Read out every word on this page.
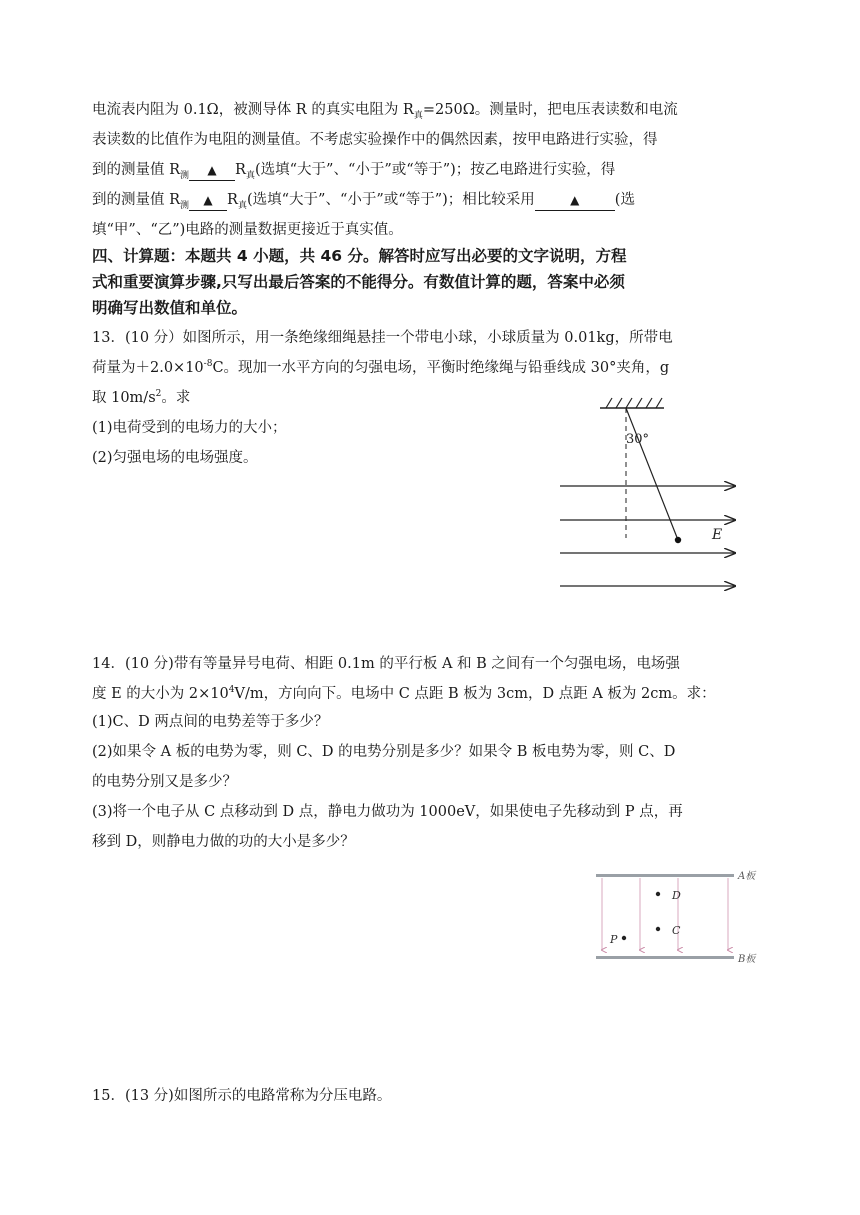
电流表内阻为 0.1Ω，被测导体 R 的真实电阻为 $R_真=250\Omega$。测量时，把电压表读数和电流
表读数的比值作为电阻的测量值。不考虑实验操作中的偶然因素，按甲电路进行实验，得
到的测量值 $R_测$ ▲ $R_真$(选填“大于”、“小于”或“等于”)；按乙电路进行实验，得
到的测量值 $R_测$ ▲ $R_真$(选填“大于”、“小于”或“等于”)；相比较采用	▲ (选
填“甲”、“乙”)电路的测量数据更接近于真实值。
四、计算题：本题共 4 小题，共 46 分。解答时应写出必要的文字说明，方程
式和重要演算步骤,只写出最后答案的不能得分。有数值计算的题，答案中必须
明确写出数值和单位。
13．(10 分）如图所示，用一条绝缘细绳悬挂一个带电小球，小球质量为 0.01kg，所带电
荷量为$+2.0\times 10^{-8}C$。现加一水平方向的匀强电场，平衡时绝缘绳与铅垂线成 30°夹角，g
取 $10m/s^2$。求
(1)电荷受到的电场力的大小；
(2)匀强电场的电场强度。
30°
E
14．(10 分)带有等量异号电荷、相距 0.1m 的平行板 A 和 B 之间有一个匀强电场，电场强
度 E 的大小为 $2\times 10^4V/m$，方向向下。电场中 C 点距 B 板为 3cm，D 点距 A 板为 2cm。求：
(1)C、D 两点间的电势差等于多少？
(2)如果令 A 板的电势为零，则 C、D 的电势分别是多少？如果令 B 板电势为零，则 C、D
的电势分别又是多少？
(3)将一个电子从 C 点移动到 D 点，静电力做功为 1000eV，如果使电子先移动到 P 点，再
移到 D，则静电力做的功的大小是多少？
D
C
P
A板
B板
15．(13 分)如图所示的电路常称为分压电路。
